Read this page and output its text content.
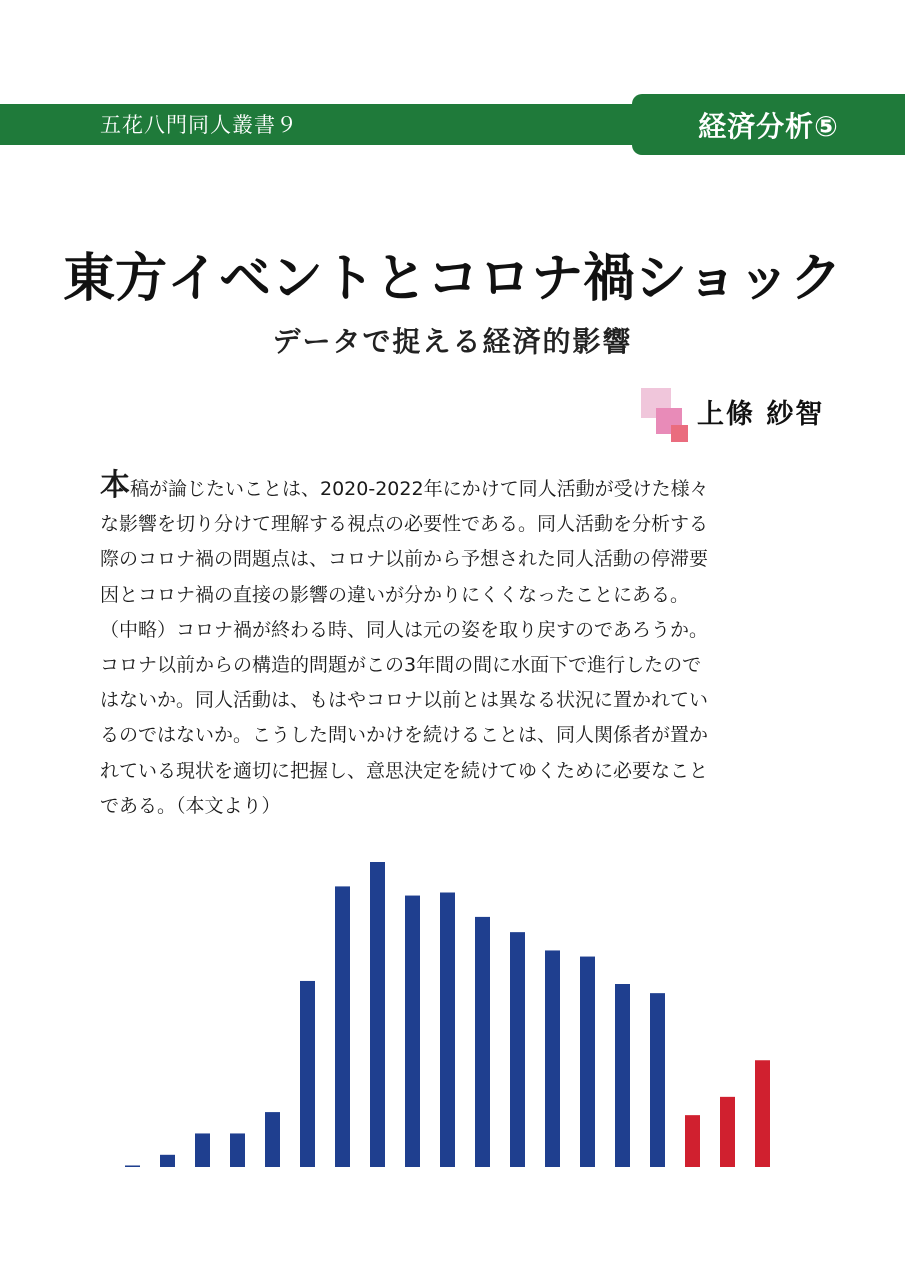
五花八門同人叢書９	経済分析⑤
東方イベントとコロナ禍ショック
データで捉える経済的影響
上條 紗智
本稿が論じたいことは、2020-2022年にかけて同人活動が受けた様々
な影響を切り分けて理解する視点の必要性である。同人活動を分析する
際のコロナ禍の問題点は、コロナ以前から予想された同人活動の停滞要
因とコロナ禍の直接の影響の違いが分かりにくくなったことにある。
（中略）コロナ禍が終わる時、同人は元の姿を取り戻すのであろうか。
コロナ以前からの構造的問題がこの3年間の間に水面下で進行したので
はないか。同人活動は、もはやコロナ以前とは異なる状況に置かれてい
るのではないか。こうした問いかけを続けることは、同人関係者が置か
れている現状を適切に把握し、意思決定を続けてゆくために必要なこと
である。（本文より）
